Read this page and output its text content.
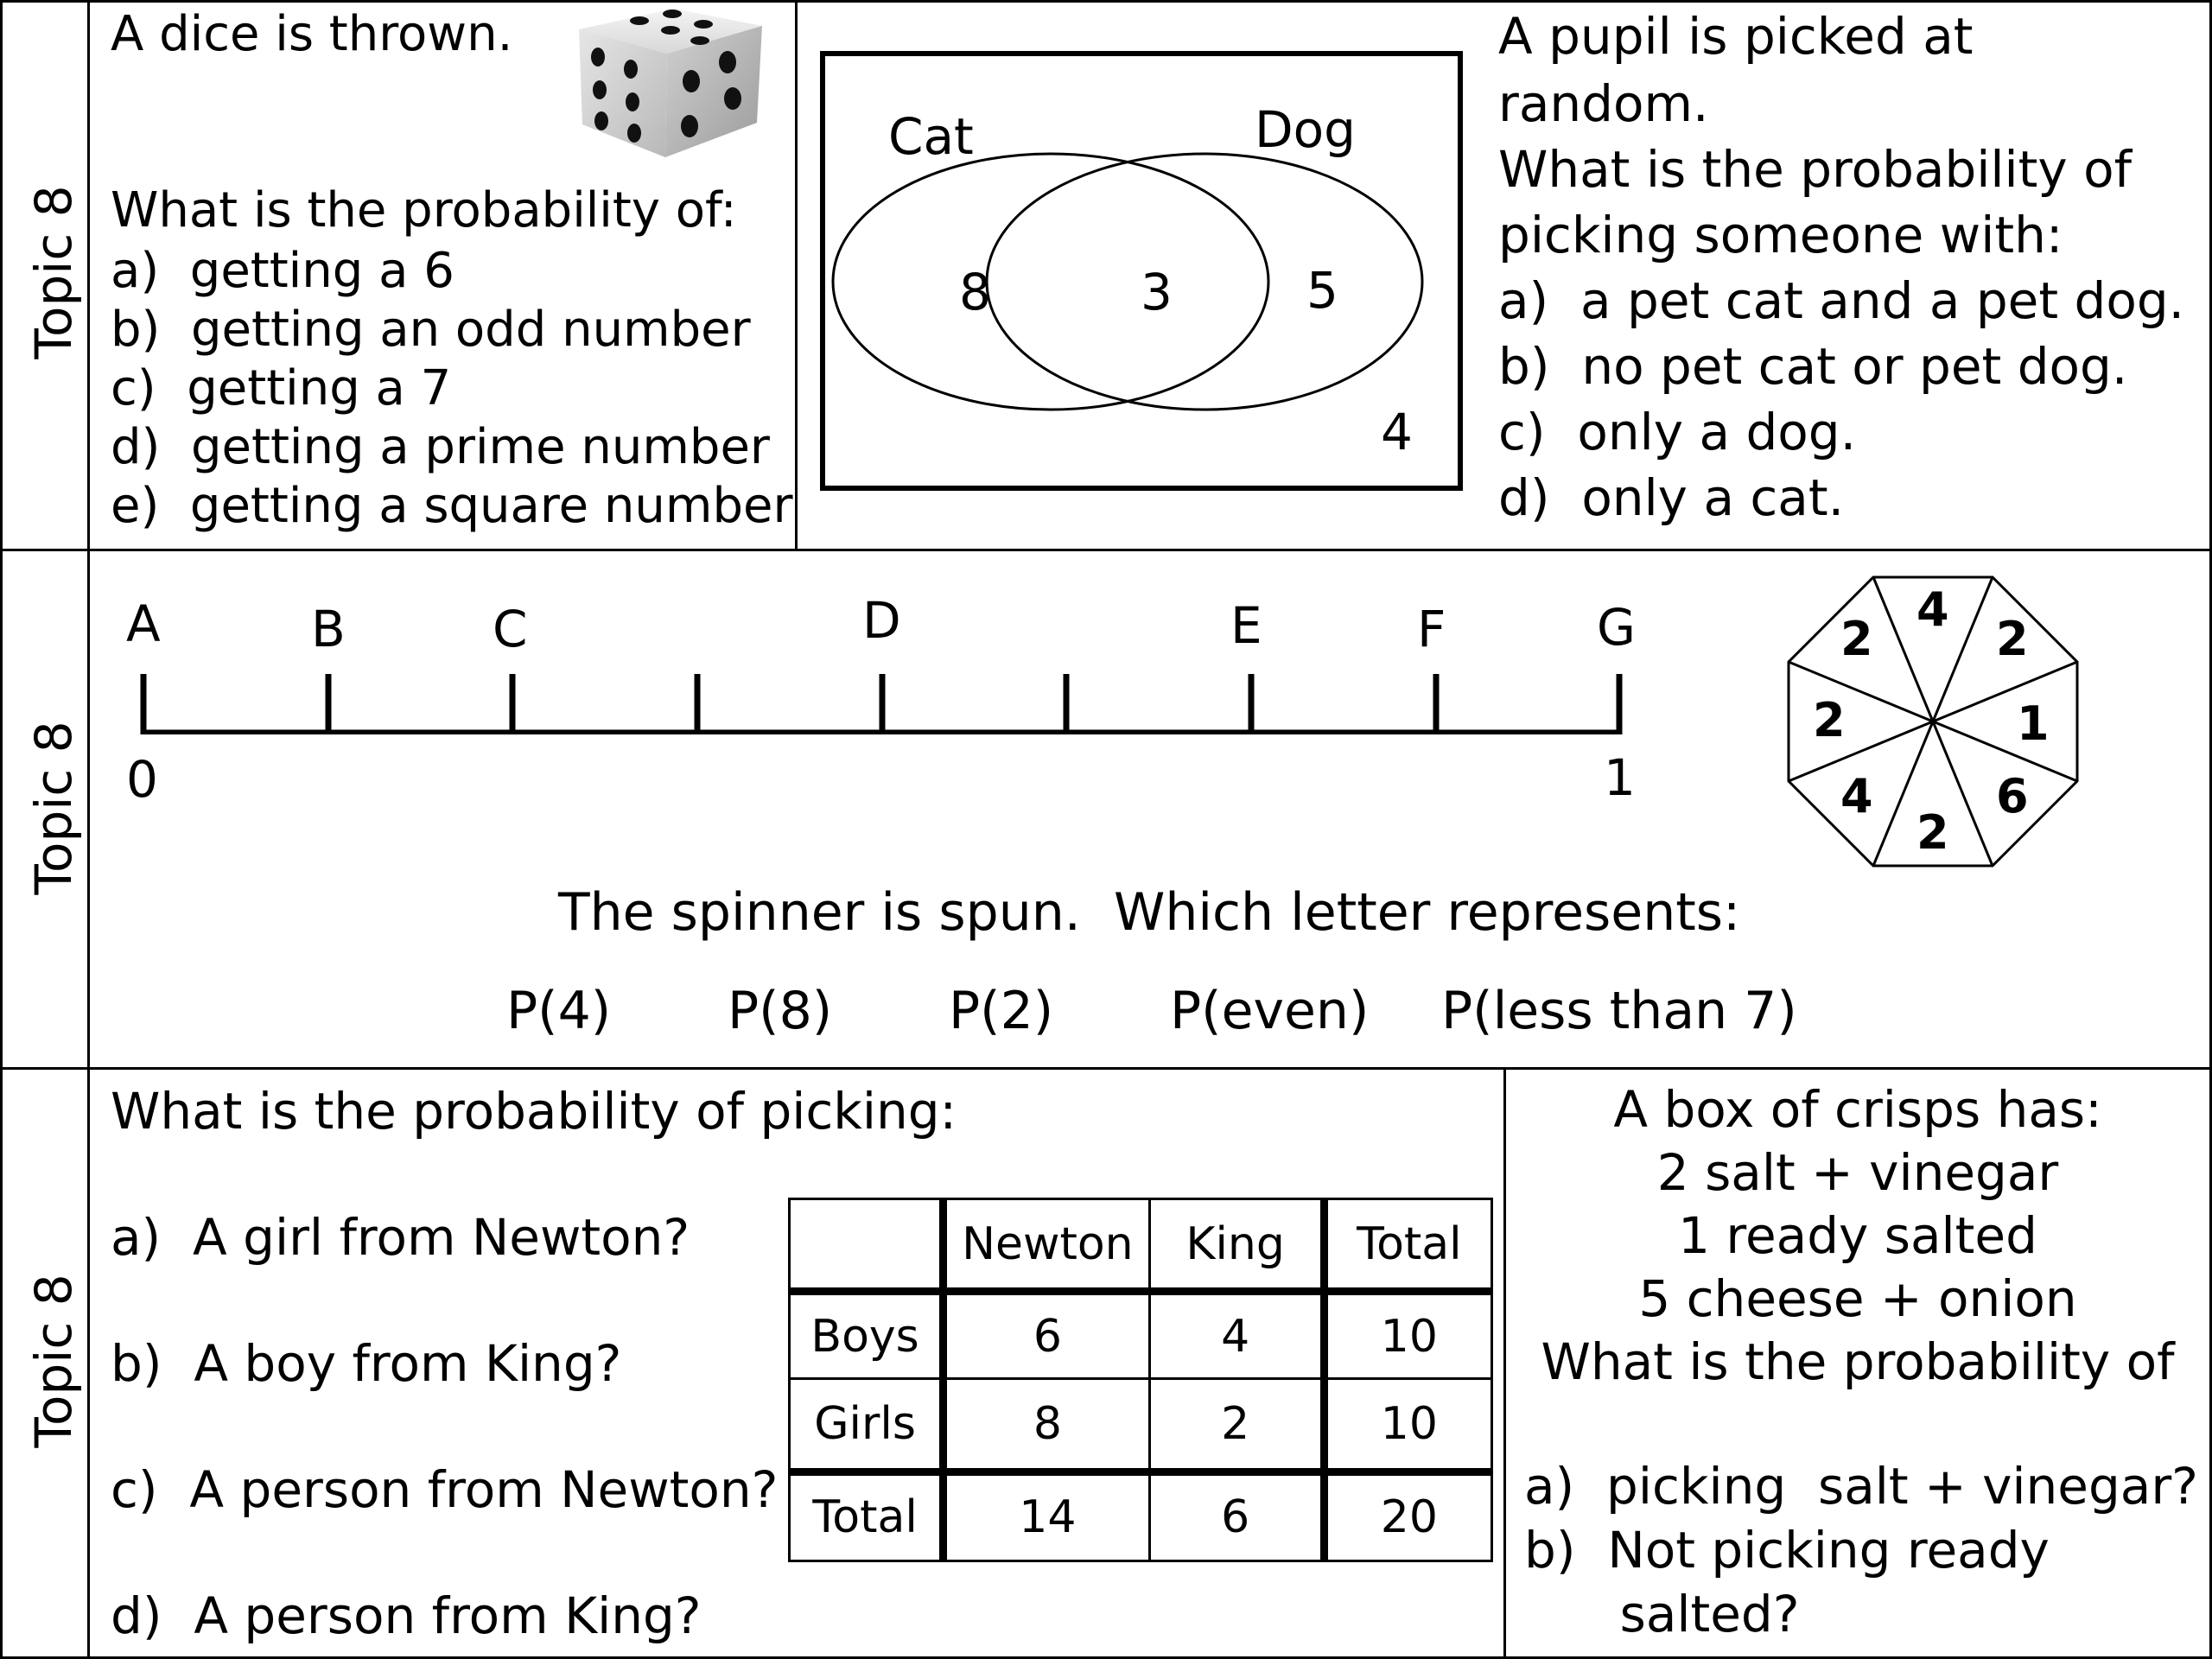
Topic 8
Topic 8
Topic 8
A dice is thrown.
What is the probability of:
a)  getting a 6
b)  getting an odd number
c)  getting a 7
d)  getting a prime number
e)  getting a square number
Cat	Dog
8	3	5
4
A pupil is picked at
random.
What is the probability of
picking someone with:
a)  a pet cat and a pet dog.
b)  no pet cat or pet dog.
c)  only a dog.
d)  only a cat.
A	B	C	D	E	F	G
0	1
4
2
1
6
2
4
2
2
The spinner is spun.  Which letter represents:
P(4) P(8) P(2) P(even) P(less than 7)
What is the probability of picking:
a)  A girl from Newton?
b)  A boy from King?
c)  A person from Newton?
d)  A person from King?
	Newton	King	Total
Boys	6	4	10
Girls	8	2	10
Total	14	6	20
A box of crisps has:
2 salt + vinegar
1 ready salted
5 cheese + onion
What is the probability of
a)  picking  salt + vinegar?
b)  Not picking ready
salted?
